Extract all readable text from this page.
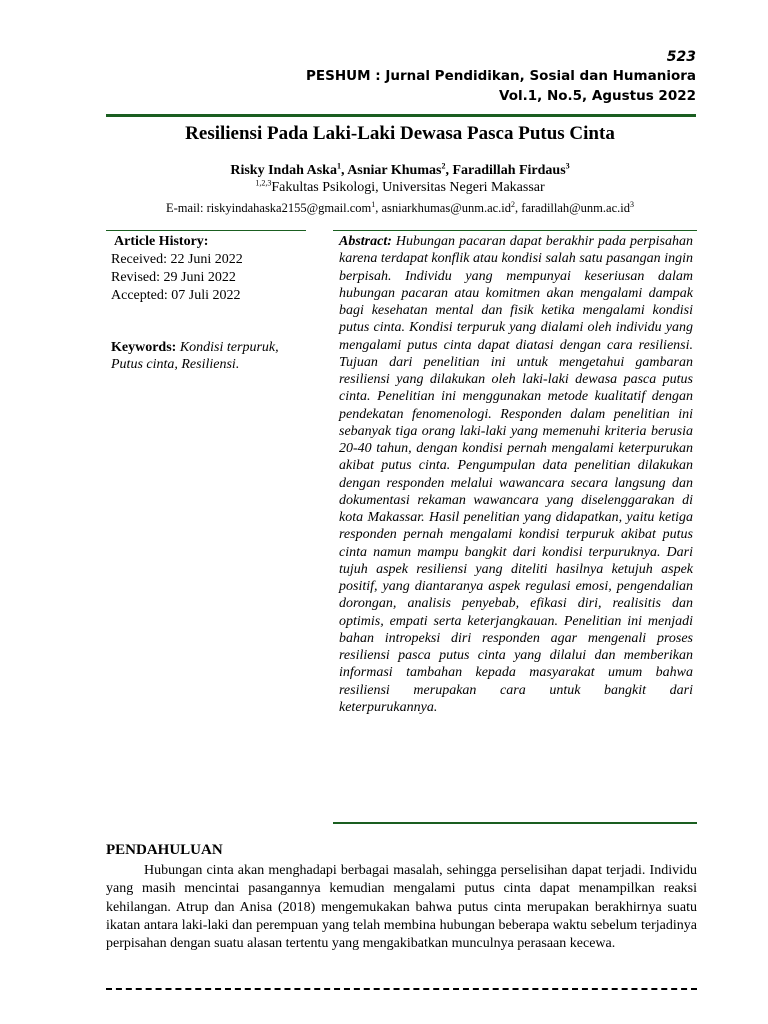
523
PESHUM : Jurnal Pendidikan, Sosial dan Humaniora
Vol.1, No.5, Agustus 2022
Resiliensi Pada Laki-Laki Dewasa Pasca Putus Cinta
Risky Indah Aska$^1$, Asniar Khumas$^2$, Faradillah Firdaus$^3$
$^{1,2,3}$Fakultas Psikologi, Universitas Negeri Makassar
E-mail: riskyindahaska2155@gmail.com$^1$, $asniarkhumas@unm.ac.id^2$, $faradillah@unm.ac.id^3$
Article History:
Received: 22 Juni 2022
Revised: 29 Juni 2022
Accepted: 07 Juli 2022
Keywords: Kondisi terpuruk, Putus cinta, Resiliensi.
Abstract: Hubungan pacaran dapat berakhir pada perpisahan karena terdapat konflik atau kondisi salah satu pasangan ingin berpisah. Individu yang mempunyai keseriusan dalam hubungan pacaran atau komitmen akan mengalami dampak bagi kesehatan mental dan fisik ketika mengalami kondisi putus cinta. Kondisi terpuruk yang dialami oleh individu yang mengalami putus cinta dapat diatasi dengan cara resiliensi. Tujuan dari penelitian ini untuk mengetahui gambaran resiliensi yang dilakukan oleh laki-laki dewasa pasca putus cinta. Penelitian ini menggunakan metode kualitatif dengan pendekatan fenomenologi. Responden dalam penelitian ini sebanyak tiga orang laki-laki yang memenuhi kriteria berusia 20-40 tahun, dengan kondisi pernah mengalami keterpurukan akibat putus cinta. Pengumpulan data penelitian dilakukan dengan responden melalui wawancara secara langsung dan dokumentasi rekaman wawancara yang diselenggarakan di kota Makassar. Hasil penelitian yang didapatkan, yaitu ketiga responden pernah mengalami kondisi terpuruk akibat putus cinta namun mampu bangkit dari kondisi terpuruknya. Dari tujuh aspek resiliensi yang diteliti hasilnya ketujuh aspek positif, yang diantaranya aspek regulasi emosi, pengendalian dorongan, analisis penyebab, efikasi diri, realisitis dan optimis, empati serta keterjangkauan. Penelitian ini menjadi bahan intropeksi diri responden agar mengenali proses resiliensi pasca putus cinta yang dilalui dan memberikan informasi tambahan kepada masyarakat umum bahwa resiliensi merupakan cara untuk bangkit dari keterpurukannya.
PENDAHULUAN

Hubungan cinta akan menghadapi berbagai masalah, sehingga perselisihan dapat terjadi. Individu yang masih mencintai pasangannya kemudian mengalami putus cinta dapat menampilkan reaksi kehilangan. Atrup dan Anisa (2018) mengemukakan bahwa putus cinta merupakan berakhirnya suatu ikatan antara laki-laki dan perempuan yang telah membina hubungan beberapa waktu sebelum terjadinya perpisahan dengan suatu alasan tertentu yang mengakibatkan munculnya perasaan kecewa.
